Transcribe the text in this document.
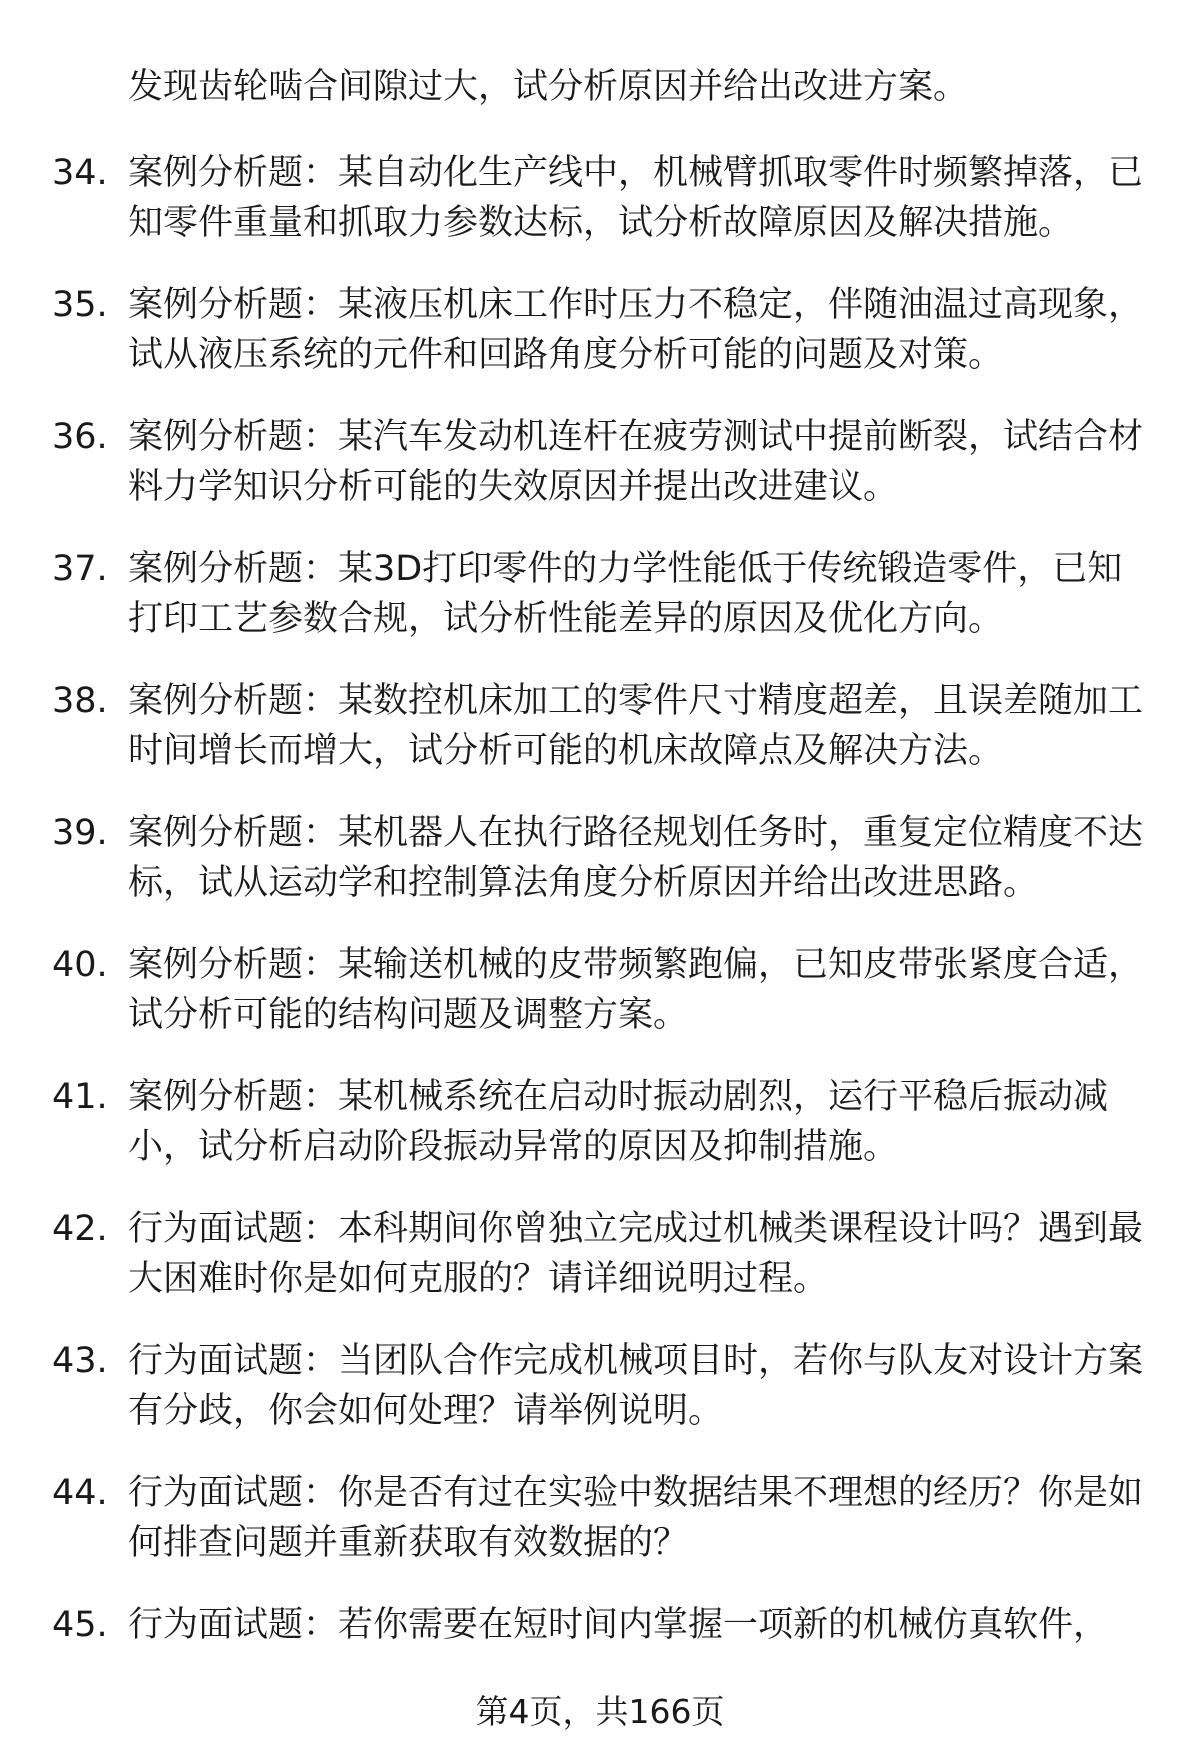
发现齿轮啮合间隙过大，试分析原因并给出改进方案。
34. 案例分析题：某自动化生产线中，机械臂抓取零件时频繁掉落，已知零件重量和抓取力参数达标，试分析故障原因及解决措施。
35. 案例分析题：某液压机床工作时压力不稳定，伴随油温过高现象，试从液压系统的元件和回路角度分析可能的问题及对策。
36. 案例分析题：某汽车发动机连杆在疲劳测试中提前断裂，试结合材料力学知识分析可能的失效原因并提出改进建议。
37. 案例分析题：某3D打印零件的力学性能低于传统锻造零件，已知打印工艺参数合规，试分析性能差异的原因及优化方向。
38. 案例分析题：某数控机床加工的零件尺寸精度超差，且误差随加工时间增长而增大，试分析可能的机床故障点及解决方法。
39. 案例分析题：某机器人在执行路径规划任务时，重复定位精度不达标，试从运动学和控制算法角度分析原因并给出改进思路。
40. 案例分析题：某输送机械的皮带频繁跑偏，已知皮带张紧度合适，试分析可能的结构问题及调整方案。
41. 案例分析题：某机械系统在启动时振动剧烈，运行平稳后振动减小，试分析启动阶段振动异常的原因及抑制措施。
42. 行为面试题：本科期间你曾独立完成过机械类课程设计吗？遇到最大困难时你是如何克服的？请详细说明过程。
43. 行为面试题：当团队合作完成机械项目时，若你与队友对设计方案有分歧，你会如何处理？请举例说明。
44. 行为面试题：你是否有过在实验中数据结果不理想的经历？你是如何排查问题并重新获取有效数据的？
45. 行为面试题：若你需要在短时间内掌握一项新的机械仿真软件，
第4页，共166页
